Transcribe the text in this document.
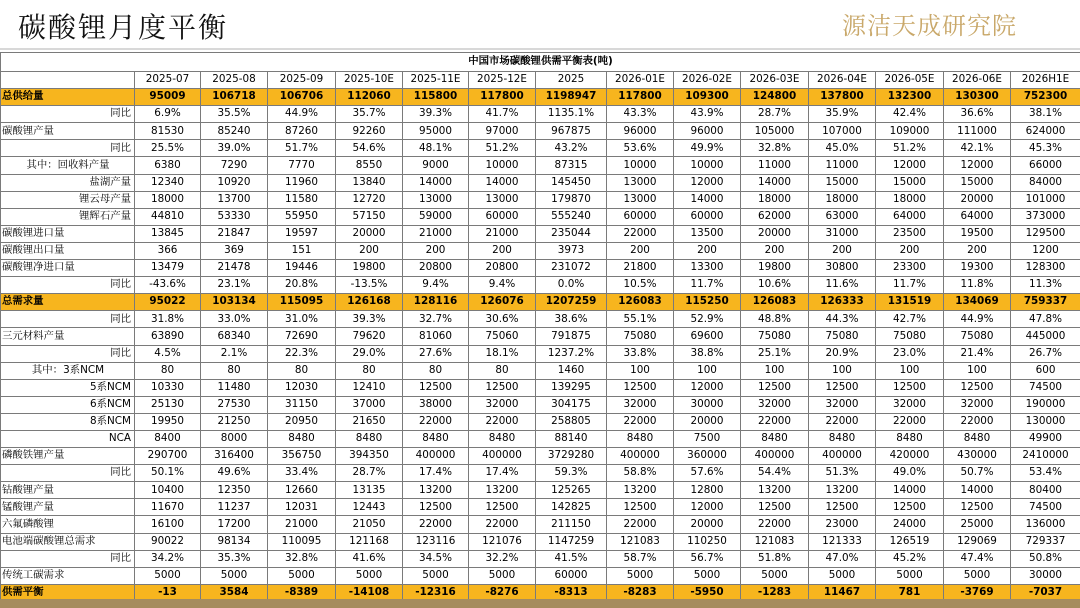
碳酸锂月度平衡	源洁天成研究院
中国市场碳酸锂供需平衡表(吨)														
	2025-07	2025-08	2025-09	2025-10E	2025-11E	2025-12E	2025	2026-01E	2026-02E	2026-03E	2026-04E	2026-05E	2026-06E	2026H1E
总供给量	95009	106718	106706	112060	115800	117800	1198947	117800	109300	124800	137800	132300	130300	752300
同比	6.9%	35.5%	44.9%	35.7%	39.3%	41.7%	1135.1%	43.3%	43.9%	28.7%	35.9%	42.4%	36.6%	38.1%
碳酸锂产量	81530	85240	87260	92260	95000	97000	967875	96000	96000	105000	107000	109000	111000	624000
同比	25.5%	39.0%	51.7%	54.6%	48.1%	51.2%	43.2%	53.6%	49.9%	32.8%	45.0%	51.2%	42.1%	45.3%
其中：回收料产量	6380	7290	7770	8550	9000	10000	87315	10000	10000	11000	11000	12000	12000	66000
盐湖产量	12340	10920	11960	13840	14000	14000	145450	13000	12000	14000	15000	15000	15000	84000
锂云母产量	18000	13700	11580	12720	13000	13000	179870	13000	14000	18000	18000	18000	20000	101000
锂辉石产量	44810	53330	55950	57150	59000	60000	555240	60000	60000	62000	63000	64000	64000	373000
碳酸锂进口量	13845	21847	19597	20000	21000	21000	235044	22000	13500	20000	31000	23500	19500	129500
碳酸锂出口量	366	369	151	200	200	200	3973	200	200	200	200	200	200	1200
碳酸锂净进口量	13479	21478	19446	19800	20800	20800	231072	21800	13300	19800	30800	23300	19300	128300
同比	-43.6%	23.1%	20.8%	-13.5%	9.4%	9.4%	0.0%	10.5%	11.7%	10.6%	11.6%	11.7%	11.8%	11.3%
总需求量	95022	103134	115095	126168	128116	126076	1207259	126083	115250	126083	126333	131519	134069	759337
同比	31.8%	33.0%	31.0%	39.3%	32.7%	30.6%	38.6%	55.1%	52.9%	48.8%	44.3%	42.7%	44.9%	47.8%
三元材料产量	63890	68340	72690	79620	81060	75060	791875	75080	69600	75080	75080	75080	75080	445000
同比	4.5%	2.1%	22.3%	29.0%	27.6%	18.1%	1237.2%	33.8%	38.8%	25.1%	20.9%	23.0%	21.4%	26.7%
其中：3系NCM	80	80	80	80	80	80	1460	100	100	100	100	100	100	600
5系NCM	10330	11480	12030	12410	12500	12500	139295	12500	12000	12500	12500	12500	12500	74500
6系NCM	25130	27530	31150	37000	38000	32000	304175	32000	30000	32000	32000	32000	32000	190000
8系NCM	19950	21250	20950	21650	22000	22000	258805	22000	20000	22000	22000	22000	22000	130000
NCA	8400	8000	8480	8480	8480	8480	88140	8480	7500	8480	8480	8480	8480	49900
磷酸铁锂产量	290700	316400	356750	394350	400000	400000	3729280	400000	360000	400000	400000	420000	430000	2410000
同比	50.1%	49.6%	33.4%	28.7%	17.4%	17.4%	59.3%	58.8%	57.6%	54.4%	51.3%	49.0%	50.7%	53.4%
钴酸锂产量	10400	12350	12660	13135	13200	13200	125265	13200	12800	13200	13200	14000	14000	80400
锰酸锂产量	11670	11237	12031	12443	12500	12500	142825	12500	12000	12500	12500	12500	12500	74500
六氟磷酸锂	16100	17200	21000	21050	22000	22000	211150	22000	20000	22000	23000	24000	25000	136000
电池端碳酸锂总需求	90022	98134	110095	121168	123116	121076	1147259	121083	110250	121083	121333	126519	129069	729337
同比	34.2%	35.3%	32.8%	41.6%	34.5%	32.2%	41.5%	58.7%	56.7%	51.8%	47.0%	45.2%	47.4%	50.8%
传统工碳需求	5000	5000	5000	5000	5000	5000	60000	5000	5000	5000	5000	5000	5000	30000
供需平衡	-13	3584	-8389	-14108	-12316	-8276	-8313	-8283	-5950	-1283	11467	781	-3769	-7037
